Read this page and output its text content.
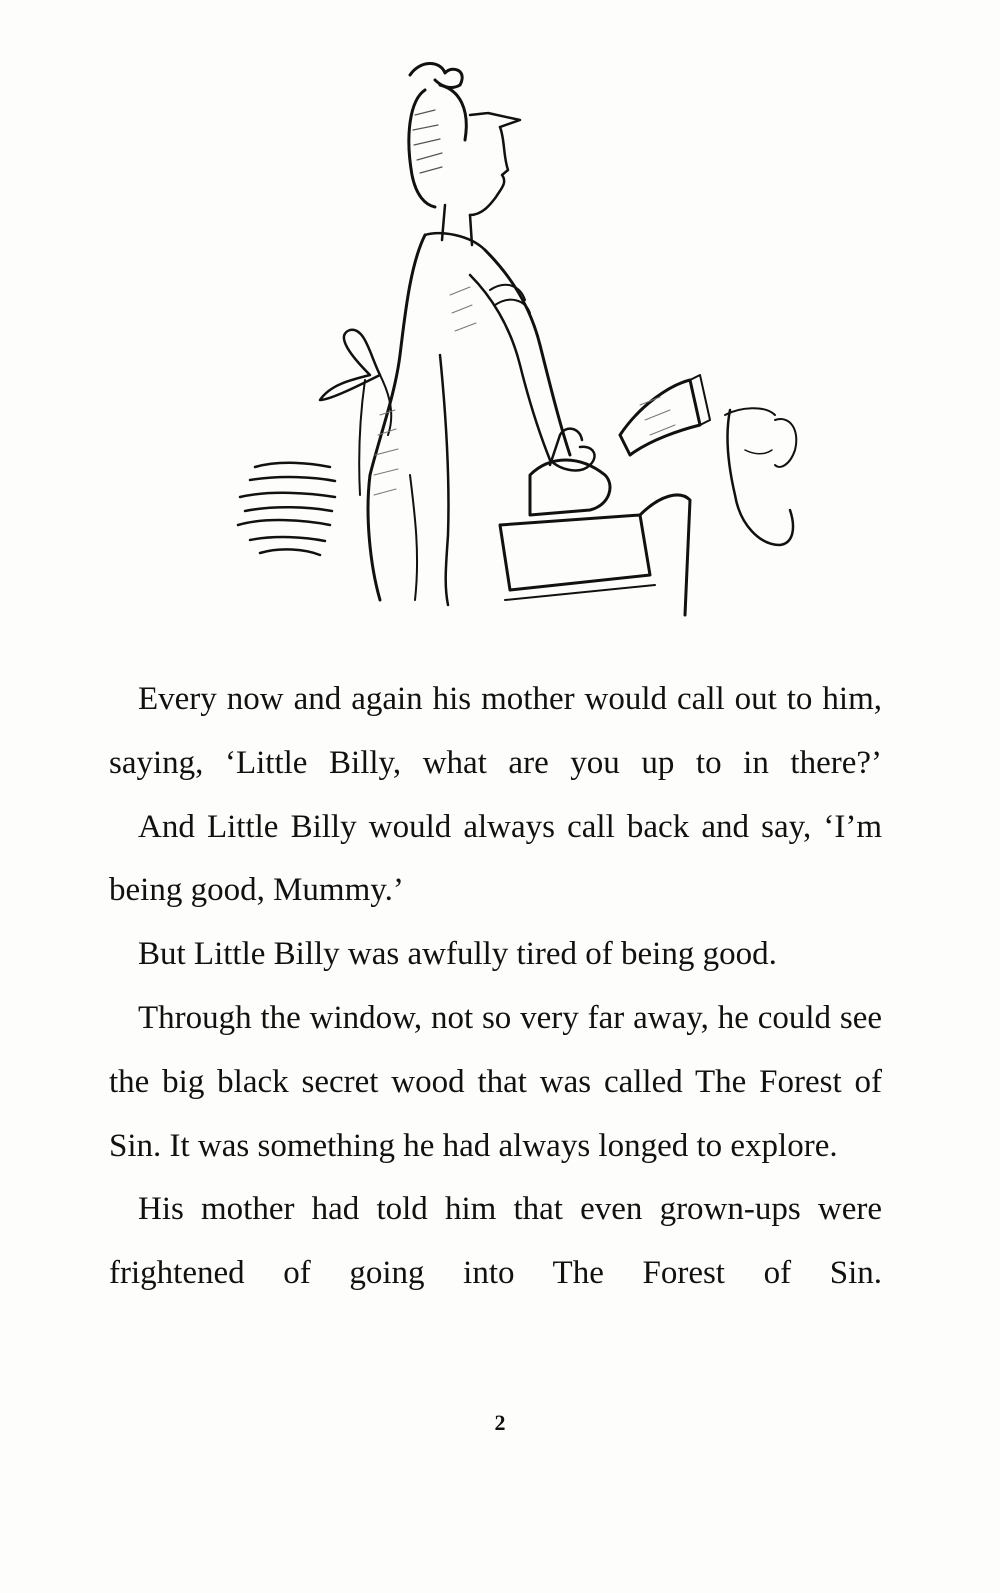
Every now and again his mother would call out to him, saying, ‘Little Billy, what are you up to in there?’

And Little Billy would always call back and say, ‘I’m being good, Mummy.’

But Little Billy was awfully tired of being good.

Through the window, not so very far away, he could see the big black secret wood that was called The Forest of Sin. It was something he had always longed to explore.

His mother had told him that even grown-ups were frightened of going into The Forest of Sin.

2
